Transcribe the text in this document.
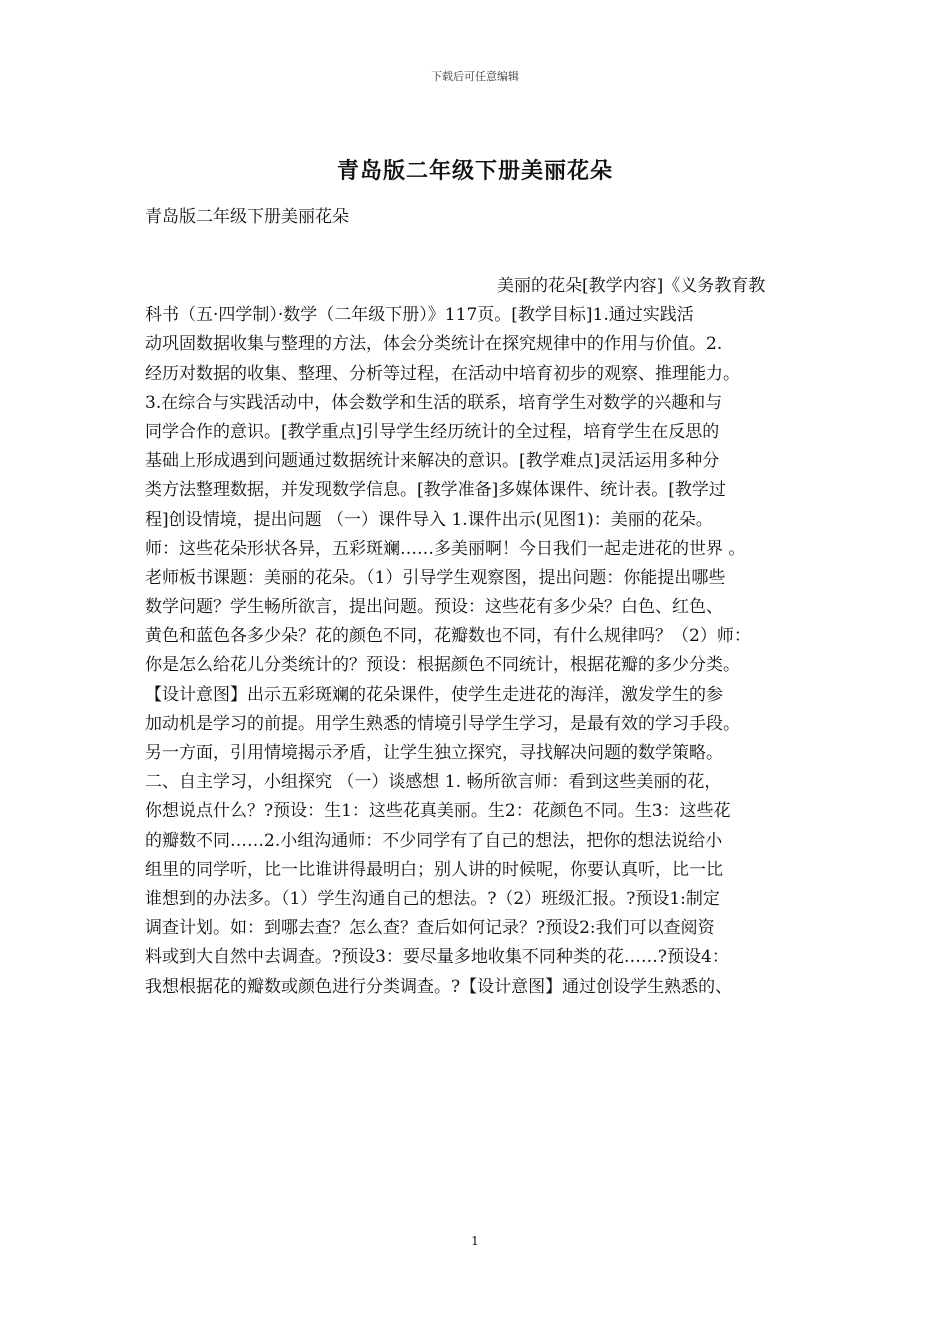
下载后可任意编辑
青岛版二年级下册美丽花朵
青岛版二年级下册美丽花朵
美丽的花朵[教学内容]《义务教育教
科书（五·四学制）·数学（二年级下册）》117页。[教学目标]1.通过实践活
动巩固数据收集与整理的方法，体会分类统计在探究规律中的作用与价值。2.
经历对数据的收集、整理、分析等过程，在活动中培育初步的观察、推理能力。
3.在综合与实践活动中，体会数学和生活的联系，培育学生对数学的兴趣和与
同学合作的意识。[教学重点]引导学生经历统计的全过程，培育学生在反思的
基础上形成遇到问题通过数据统计来解决的意识。[教学难点]灵活运用多种分
类方法整理数据，并发现数学信息。[教学准备]多媒体课件、统计表。[教学过
程]创设情境，提出问题 （一）课件导入 1.课件出示(见图1)：美丽的花朵。
师：这些花朵形状各异，五彩斑斓……多美丽啊！今日我们一起走进花的世界 。
老师板书课题：美丽的花朵。（1）引导学生观察图，提出问题：你能提出哪些
数学问题？学生畅所欲言，提出问题。预设：这些花有多少朵？白色、红色、
黄色和蓝色各多少朵？花的颜色不同，花瓣数也不同，有什么规律吗？（2）师：
你是怎么给花儿分类统计的？预设：根据颜色不同统计，根据花瓣的多少分类。
【设计意图】出示五彩斑斓的花朵课件，使学生走进花的海洋，激发学生的参
加动机是学习的前提。用学生熟悉的情境引导学生学习，是最有效的学习手段。
另一方面，引用情境揭示矛盾，让学生独立探究，寻找解决问题的数学策略。
二、自主学习，小组探究 （一）谈感想 1. 畅所欲言师：看到这些美丽的花，
你想说点什么？?预设：生1：这些花真美丽。生2：花颜色不同。生3：这些花
的瓣数不同……2.小组沟通师：不少同学有了自己的想法，把你的想法说给小
组里的同学听，比一比谁讲得最明白；别人讲的时候呢，你要认真听，比一比
谁想到的办法多。（1）学生沟通自己的想法。?（2）班级汇报。?预设1:制定
调查计划。如：到哪去查？怎么查？查后如何记录？?预设2:我们可以查阅资
料或到大自然中去调查。?预设3：要尽量多地收集不同种类的花……?预设4：
我想根据花的瓣数或颜色进行分类调查。?【设计意图】通过创设学生熟悉的、
1
